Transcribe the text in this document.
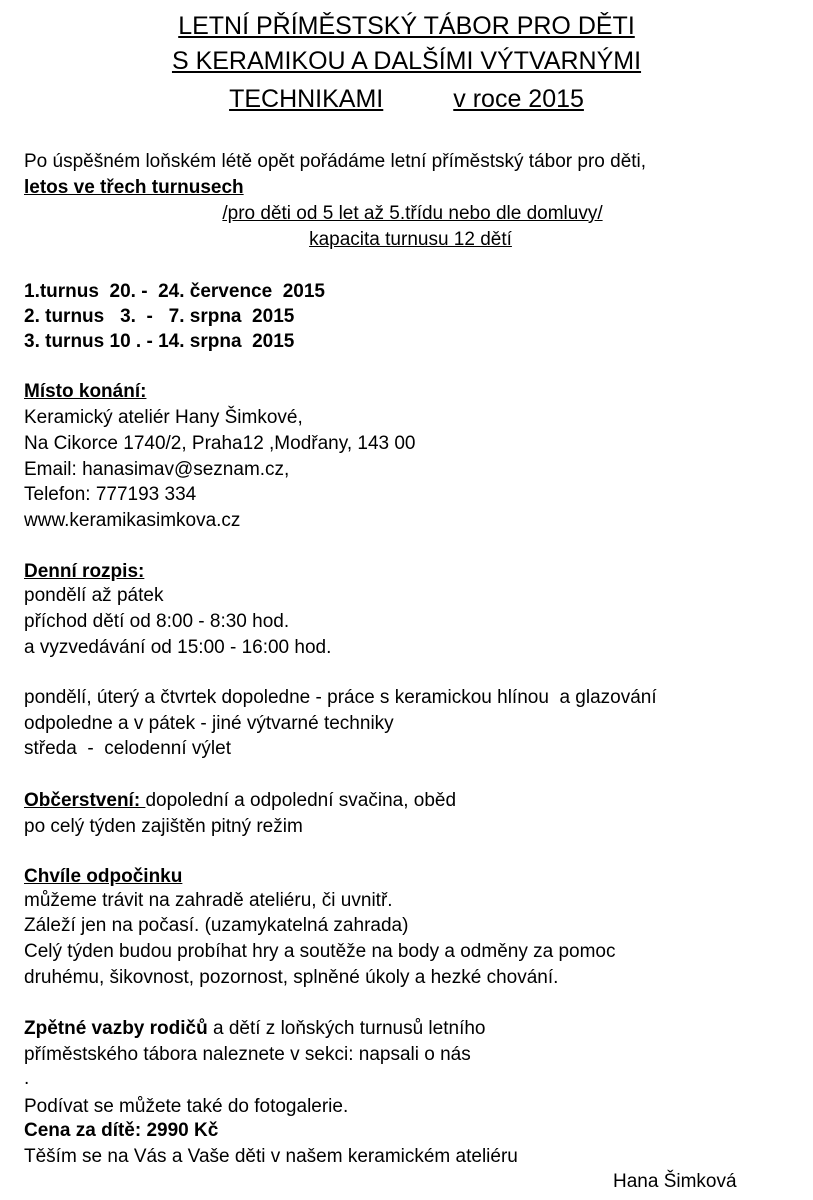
LETNÍ PŘÍMĚSTSKÝ TÁBOR PRO DĚTI
S KERAMIKOU A DALŠÍMI VÝTVARNÝMI
TECHNIKAMI	v roce 2015
Po úspěšném loňském létě opět pořádáme letní příměstský tábor pro děti,
letos ve třech turnusech
/pro děti od 5 let až 5.třídu nebo dle domluvy/
kapacita turnusu 12 dětí
1.turnus  20. -  24. července  2015
2. turnus   3.  -   7. srpna  2015
3. turnus 10 . - 14. srpna  2015
Místo konání:
Keramický ateliér Hany Šimkové,
Na Cikorce 1740/2, Praha12 ,Modřany, 143 00
Email: hanasimav@seznam.cz,
Telefon: 777193 334
www.keramikasimkova.cz
Denní rozpis:
pondělí až pátek
příchod dětí od 8:00 - 8:30 hod.
a vyzvedávání od 15:00 - 16:00 hod.
pondělí, úterý a čtvrtek dopoledne - práce s keramickou hlínou  a glazování
odpoledne a v pátek - jiné výtvarné techniky
středa  -  celodenní výlet
Občerstvení: dopolední a odpolední svačina, oběd
po celý týden zajištěn pitný režim
Chvíle odpočinku
můžeme trávit na zahradě ateliéru, či uvnitř.
Záleží jen na počasí. (uzamykatelná zahrada)
Celý týden budou probíhat hry a soutěže na body a odměny za pomoc
druhému, šikovnost, pozornost, splněné úkoly a hezké chování.
Zpětné vazby rodičů a dětí z loňských turnusů letního
příměstského tábora naleznete v sekci: napsali o nás
.
Podívat se můžete také do fotogalerie.
Cena za dítě: 2990 Kč
Těším se na Vás a Vaše děti v našem keramickém ateliéru
Hana Šimková
